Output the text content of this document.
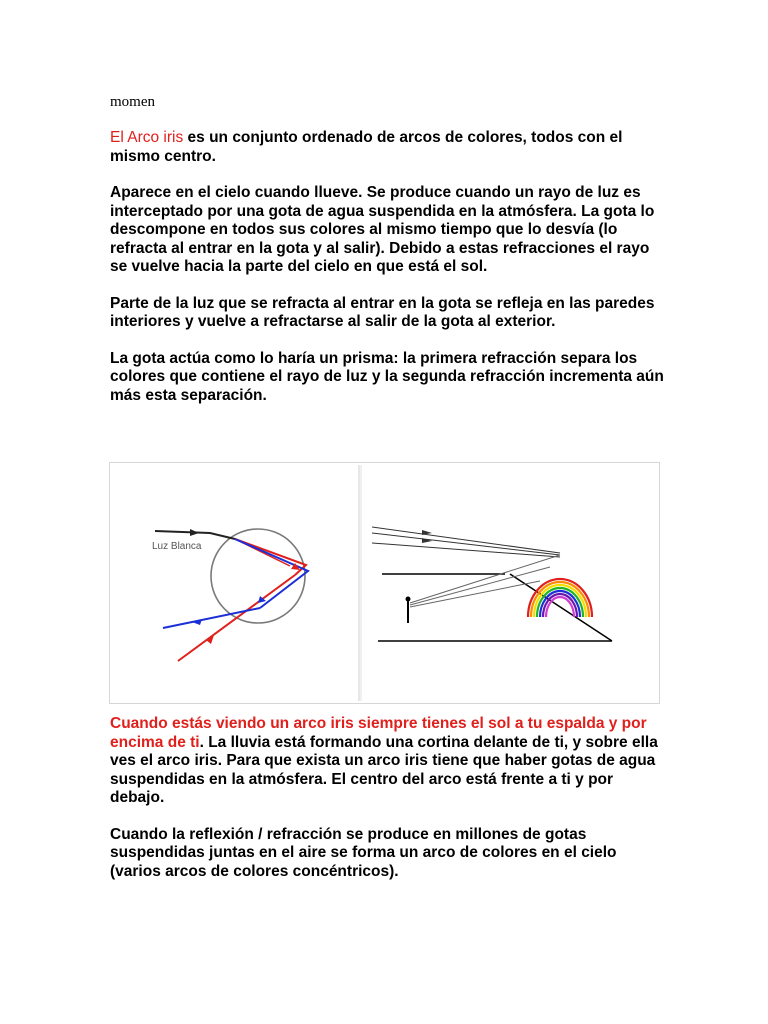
momen

El Arco iris es un conjunto ordenado de arcos de colores, todos con el mismo centro.

Aparece en el cielo cuando llueve. Se produce cuando un rayo de luz es interceptado por una gota de agua suspendida en la atmósfera. La gota lo descompone en todos sus colores al mismo tiempo que lo desvía (lo refracta al entrar en la gota y al salir). Debido a estas refracciones el rayo se vuelve hacia la parte del cielo en que está el sol.

Parte de la luz que se refracta al entrar en la gota se refleja en las paredes interiores y vuelve a refractarse al salir de la gota al exterior.

La gota actúa como lo haría un prisma: la primera refracción separa los colores que contiene el rayo de luz y la segunda refracción incrementa aún más esta separación.

Luz Blanca

Cuando estás viendo un arco iris siempre tienes el sol a tu espalda y por encima de ti. La lluvia está formando una cortina delante de ti, y sobre ella ves el arco iris. Para que exista un arco iris tiene que haber gotas de agua suspendidas en la atmósfera. El centro del arco está frente a ti y por debajo.

Cuando la reflexión / refracción se produce en millones de gotas suspendidas juntas en el aire se forma un arco de colores en el cielo (varios arcos de colores concéntricos).
